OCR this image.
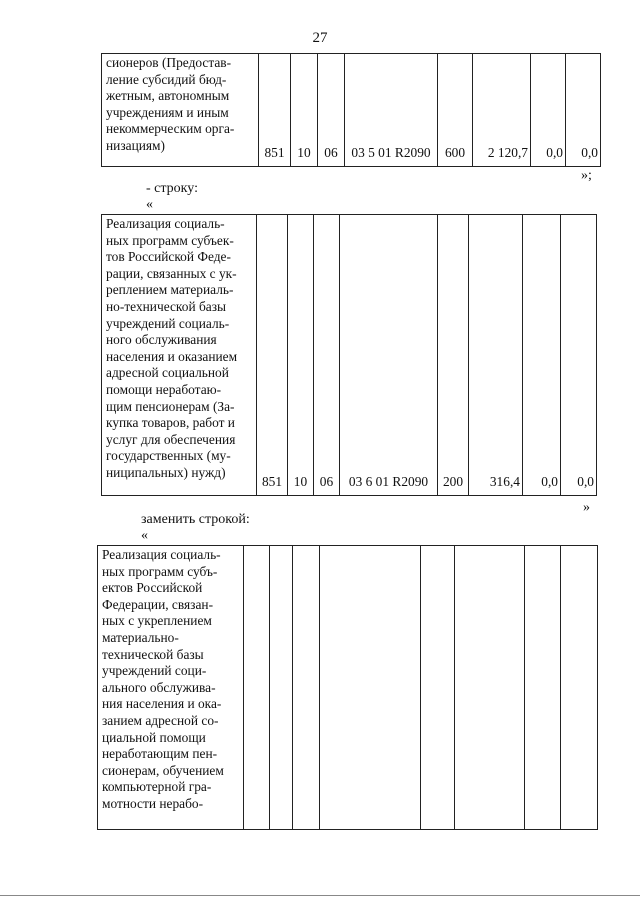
27
сионеров (Предостав-
ление субсидий бюд-
жетным, автономным
учреждениям и иным
некоммерческим орга-
низациям)	851	10	06	03 5 01 R2090	600	2 120,7	0,0	0,0
»;
- строку:
«
Реализация социаль-
ных программ субъек-
тов Российской Феде-
рации, связанных с ук-
реплением материаль-
но-технической базы
учреждений социаль-
ного обслуживания
населения и оказанием
адресной социальной
помощи неработаю-
щим пенсионерам (За-
купка товаров, работ и
услуг для обеспечения
государственных (му-
ниципальных) нужд)
	851	10	06	03 6 01 R2090	200	316,4	0,0	0,0
»
заменить строкой:
«
Реализация социаль-
ных программ субъ-
ектов Российской
Федерации, связан-
ных с укреплением
материально-
технической базы
учреждений соци-
ального обслужива-
ния населения и ока-
занием адресной со-
циальной помощи
неработающим пен-
сионерам, обучением
компьютерной гра-
мотности нерабо-
